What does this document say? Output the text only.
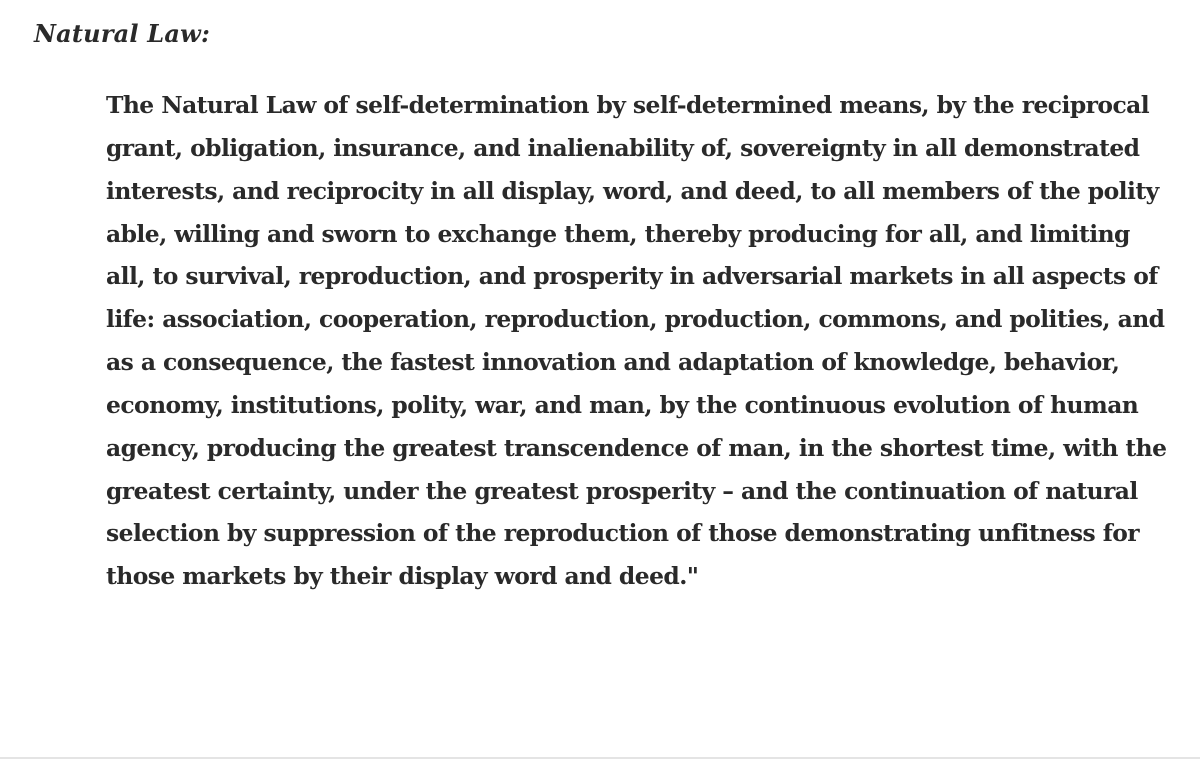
Natural Law:
The Natural Law of self-determination by self-determined means, by the reciprocal grant, obligation, insurance, and inalienability of, sovereignty in all demonstrated interests, and reciprocity in all display, word, and deed, to all members of the polity able, willing and sworn to exchange them, thereby producing for all, and limiting all, to survival, reproduction, and prosperity in adversarial markets in all aspects of life: association, cooperation, reproduction, production, commons, and polities, and as a consequence, the fastest innovation and adaptation of knowledge, behavior, economy, institutions, polity, war, and man, by the continuous evolution of human agency, producing the greatest transcendence of man, in the shortest time, with the greatest certainty, under the greatest prosperity – and the continuation of natural selection by suppression of the reproduction of those demonstrating unfitness for those markets by their display word and deed."
